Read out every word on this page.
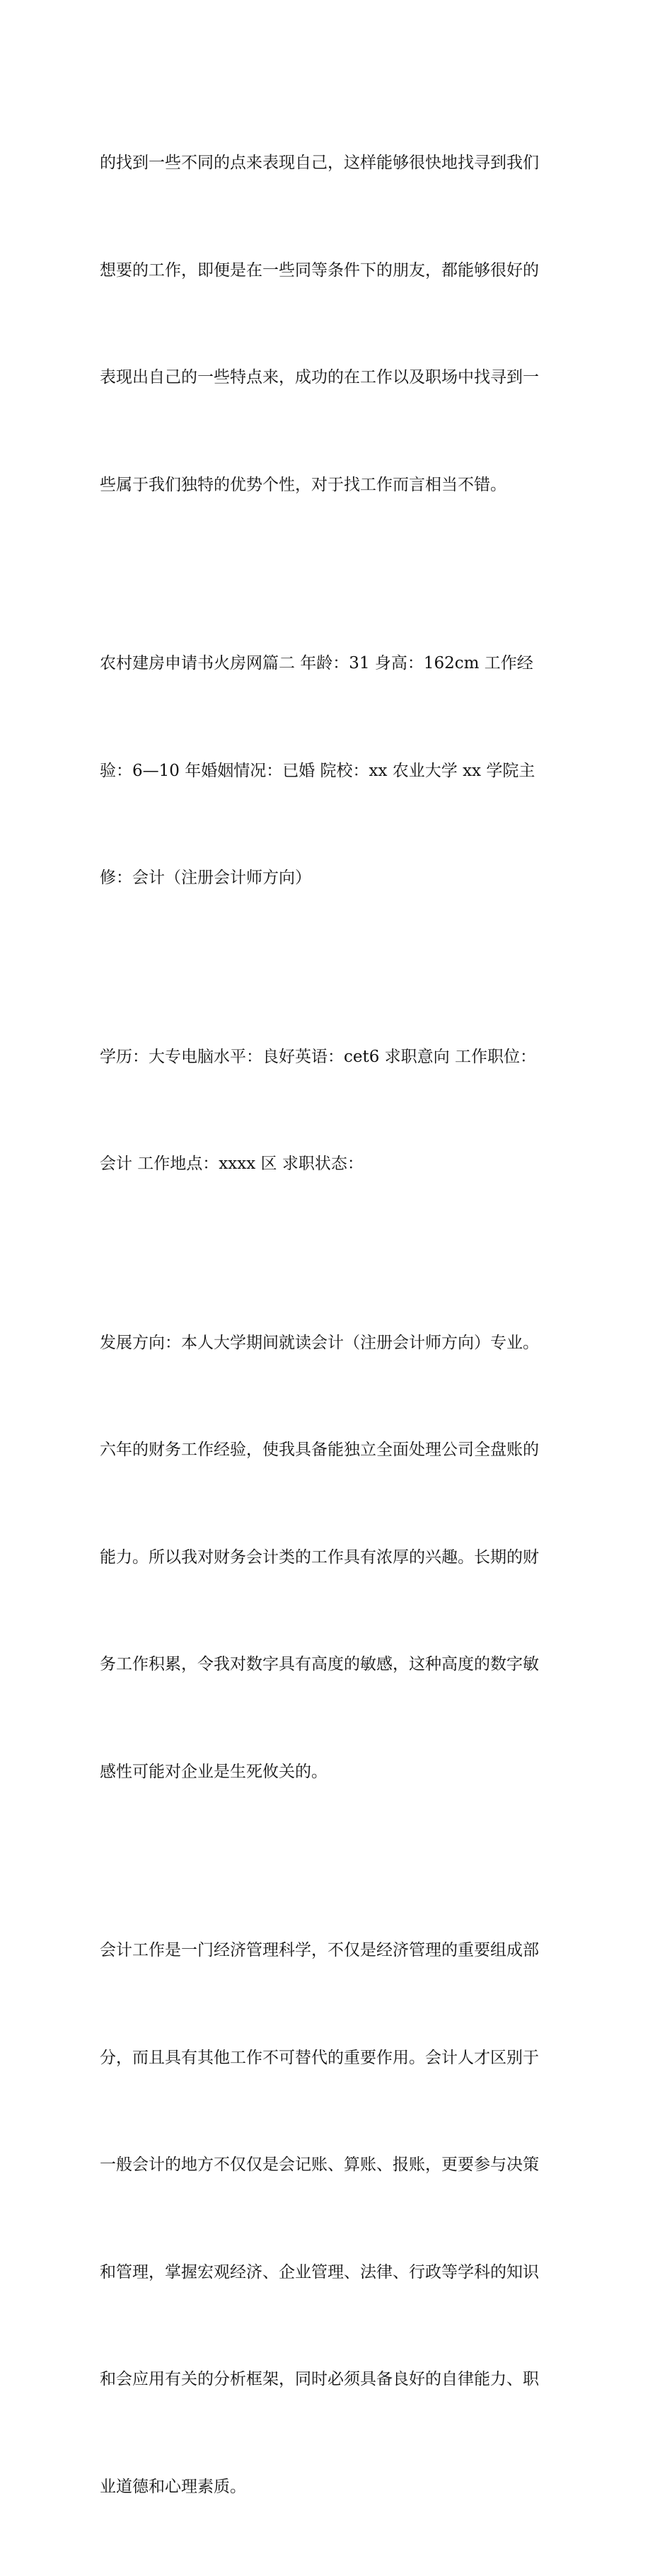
的找到一些不同的点来表现自己，这样能够很快地找寻到我们

想要的工作，即便是在一些同等条件下的朋友，都能够很好的

表现出自己的一些特点来，成功的在工作以及职场中找寻到一

些属于我们独特的优势个性，对于找工作而言相当不错。

农村建房申请书火房网篇二 年龄：31 身高：162cm 工作经

验：6—10 年婚姻情况：已婚 院校：xx 农业大学 xx 学院主

修：会计（注册会计师方向）

学历：大专电脑水平：良好英语：cet6 求职意向 工作职位：

会计 工作地点：xxxx 区 求职状态：

发展方向：本人大学期间就读会计（注册会计师方向）专业。

六年的财务工作经验，使我具备能独立全面处理公司全盘账的

能力。所以我对财务会计类的工作具有浓厚的兴趣。长期的财

务工作积累，令我对数字具有高度的敏感，这种高度的数字敏

感性可能对企业是生死攸关的。

会计工作是一门经济管理科学，不仅是经济管理的重要组成部

分，而且具有其他工作不可替代的重要作用。会计人才区别于

一般会计的地方不仅仅是会记账、算账、报账，更要参与决策

和管理，掌握宏观经济、企业管理、法律、行政等学科的知识

和会应用有关的分析框架，同时必须具备良好的自律能力、职

业道德和心理素质。
